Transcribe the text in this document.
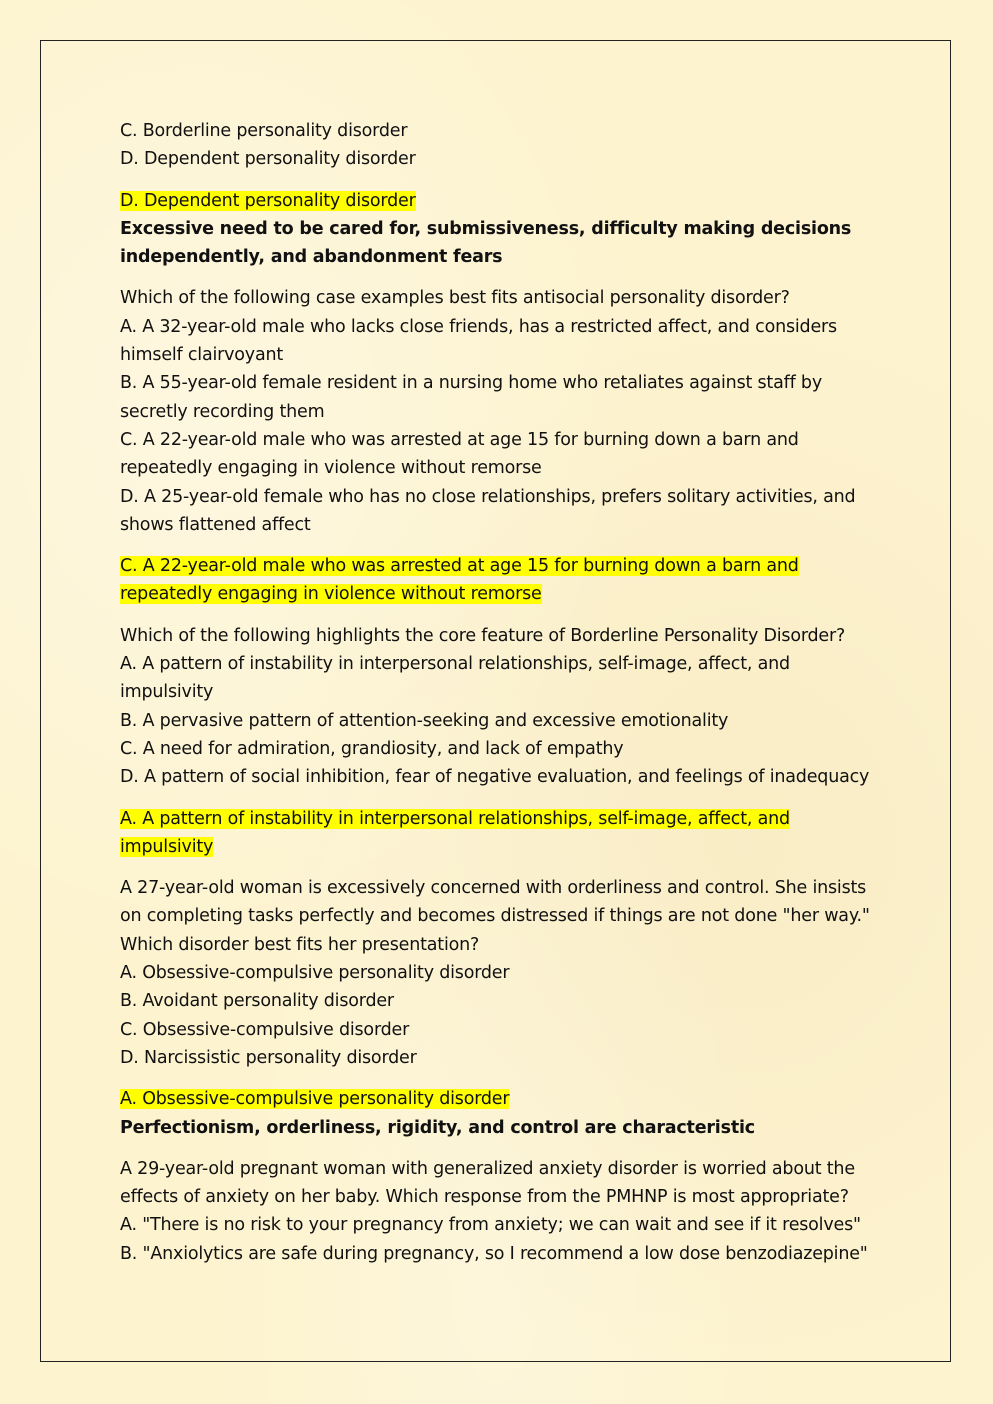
C. Borderline personality disorder

D. Dependent personality disorder

D. Dependent personality disorder

Excessive need to be cared for, submissiveness, difficulty making decisions independently, and abandonment fears

Which of the following case examples best fits antisocial personality disorder?

A. A 32-year-old male who lacks close friends, has a restricted affect, and considers himself clairvoyant

B. A 55-year-old female resident in a nursing home who retaliates against staff by secretly recording them

C. A 22-year-old male who was arrested at age 15 for burning down a barn and repeatedly engaging in violence without remorse

D. A 25-year-old female who has no close relationships, prefers solitary activities, and shows flattened affect

C. A 22-year-old male who was arrested at age 15 for burning down a barn and

repeatedly engaging in violence without remorse

Which of the following highlights the core feature of Borderline Personality Disorder?

A. A pattern of instability in interpersonal relationships, self-image, affect, and impulsivity

B. A pervasive pattern of attention-seeking and excessive emotionality

C. A need for admiration, grandiosity, and lack of empathy

D. A pattern of social inhibition, fear of negative evaluation, and feelings of inadequacy

A. A pattern of instability in interpersonal relationships, self-image, affect, and

impulsivity

A 27-year-old woman is excessively concerned with orderliness and control. She insists on completing tasks perfectly and becomes distressed if things are not done "her way." Which disorder best fits her presentation?

A. Obsessive-compulsive personality disorder

B. Avoidant personality disorder

C. Obsessive-compulsive disorder

D. Narcissistic personality disorder

A. Obsessive-compulsive personality disorder

Perfectionism, orderliness, rigidity, and control are characteristic

A 29-year-old pregnant woman with generalized anxiety disorder is worried about the effects of anxiety on her baby. Which response from the PMHNP is most appropriate?

A. "There is no risk to your pregnancy from anxiety; we can wait and see if it resolves"

B. "Anxiolytics are safe during pregnancy, so I recommend a low dose benzodiazepine"
